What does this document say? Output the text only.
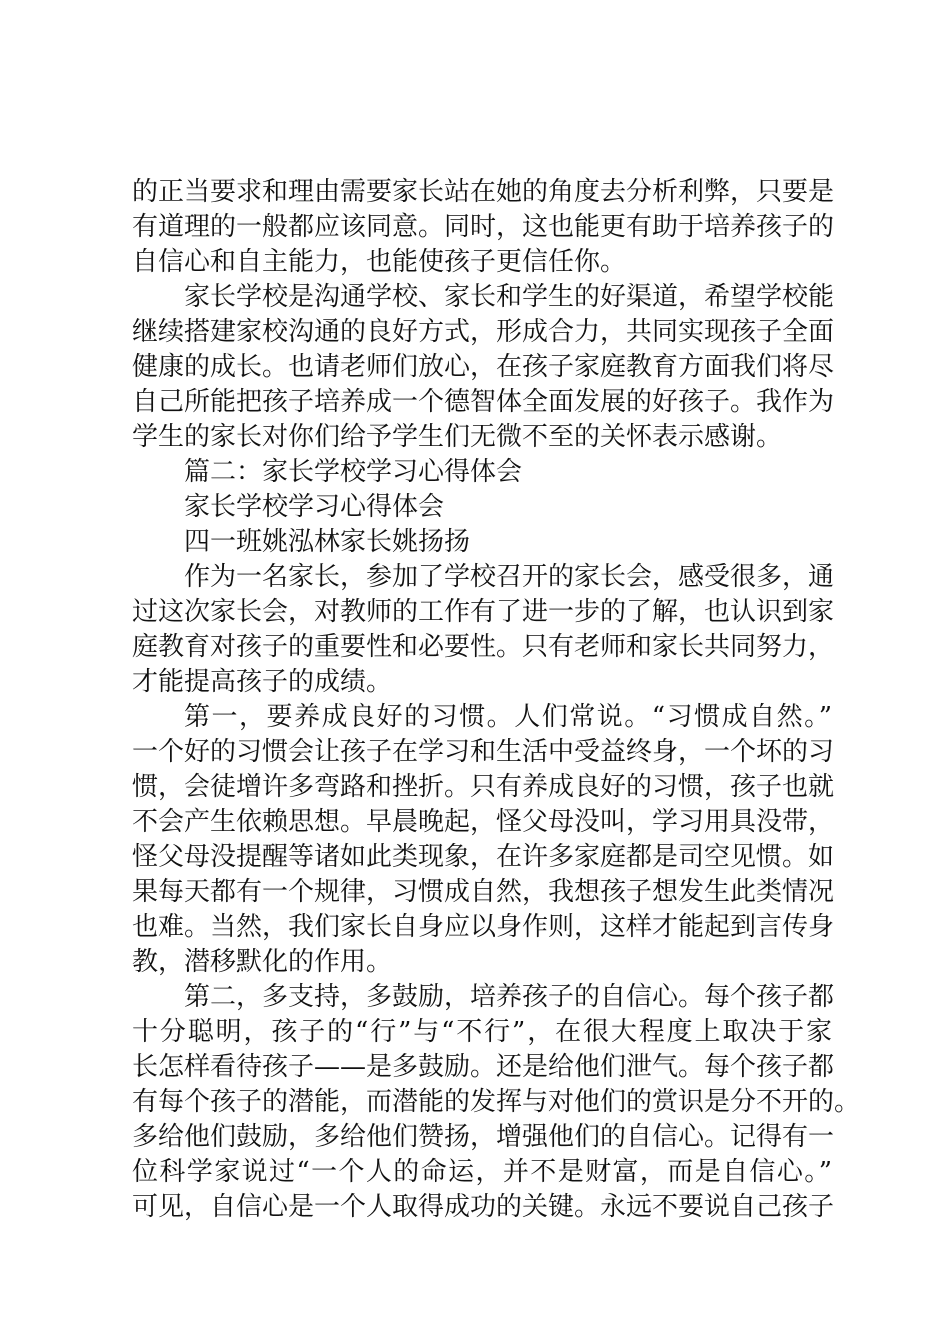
的正当要求和理由需要家长站在她的角度去分析利弊，只要是
有道理的一般都应该同意。同时，这也能更有助于培养孩子的
自信心和自主能力，也能使孩子更信任你。
家长学校是沟通学校、家长和学生的好渠道，希望学校能
继续搭建家校沟通的良好方式，形成合力，共同实现孩子全面
健康的成长。也请老师们放心，在孩子家庭教育方面我们将尽
自己所能把孩子培养成一个德智体全面发展的好孩子。我作为
学生的家长对你们给予学生们无微不至的关怀表示感谢。
篇二：家长学校学习心得体会
家长学校学习心得体会
四一班姚泓林家长姚扬扬
作为一名家长，参加了学校召开的家长会，感受很多，通
过这次家长会，对教师的工作有了进一步的了解，也认识到家
庭教育对孩子的重要性和必要性。只有老师和家长共同努力，
才能提高孩子的成绩。
第一，要养成良好的习惯。人们常说。“习惯成自然。”
一个好的习惯会让孩子在学习和生活中受益终身，一个坏的习
惯，会徒增许多弯路和挫折。只有养成良好的习惯，孩子也就
不会产生依赖思想。早晨晚起，怪父母没叫，学习用具没带，
怪父母没提醒等诸如此类现象，在许多家庭都是司空见惯。如
果每天都有一个规律，习惯成自然，我想孩子想发生此类情况
也难。当然，我们家长自身应以身作则，这样才能起到言传身
教，潜移默化的作用。
第二，多支持，多鼓励，培养孩子的自信心。每个孩子都
十分聪明，孩子的“行”与“不行”，在很大程度上取决于家
长怎样看待孩子——是多鼓励。还是给他们泄气。每个孩子都
有每个孩子的潜能，而潜能的发挥与对他们的赏识是分不开的。
多给他们鼓励，多给他们赞扬，增强他们的自信心。记得有一
位科学家说过“一个人的命运，并不是财富，而是自信心。”
可见，自信心是一个人取得成功的关键。永远不要说自己孩子
